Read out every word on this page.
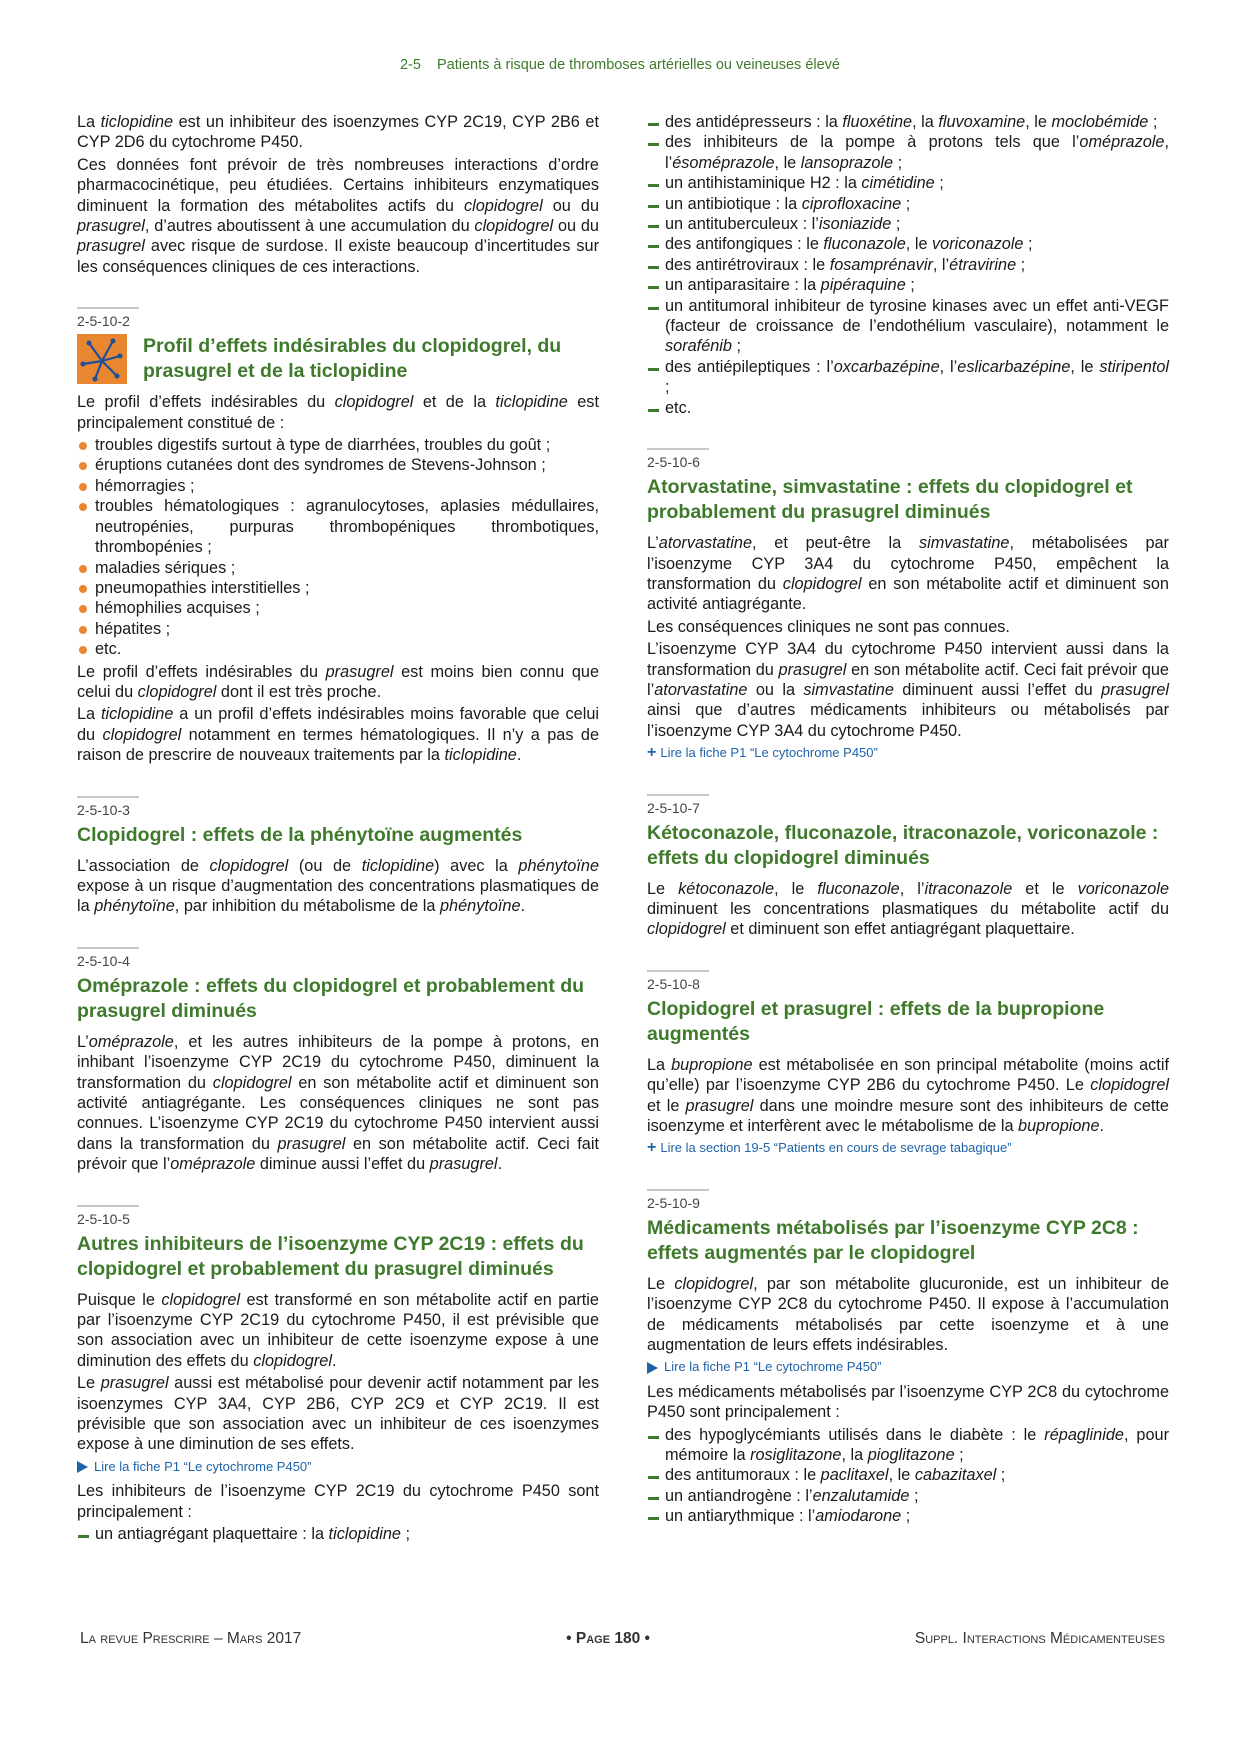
2-5 Patients à risque de thromboses artérielles ou veineuses élevé

La ticlopidine est un inhibiteur des isoenzymes CYP 2C19, CYP 2B6 et CYP 2D6 du cytochrome P450.

Ces données font prévoir de très nombreuses interactions d’ordre pharmacocinétique, peu étudiées. Certains inhibiteurs enzymatiques diminuent la formation des métabolites actifs du clopidogrel ou du prasugrel, d’autres aboutissent à une accumulation du clopidogrel ou du prasugrel avec risque de surdose. Il existe beaucoup d’incertitudes sur les conséquences cliniques de ces interactions.

2-5-10-2
Profil d’effets indésirables du clopidogrel, du prasugrel et de la ticlopidine

Le profil d’effets indésirables du clopidogrel et de la ticlopidine est principalement constitué de :

troubles digestifs surtout à type de diarrhées, troubles du goût ;
éruptions cutanées dont des syndromes de Stevens-Johnson ;
hémorragies ;
troubles hématologiques : agranulocytoses, aplasies médullaires, neutropénies, purpuras thrombopéniques thrombotiques, thrombopénies ;
maladies sériques ;
pneumopathies interstitielles ;
hémophilies acquises ;
hépatites ;
etc.

Le profil d’effets indésirables du prasugrel est moins bien connu que celui du clopidogrel dont il est très proche.

La ticlopidine a un profil d’effets indésirables moins favorable que celui du clopidogrel notamment en termes hématologiques. Il n’y a pas de raison de prescrire de nouveaux traitements par la ticlopidine.

2-5-10-3
Clopidogrel : effets de la phénytoïne augmentés

L’association de clopidogrel (ou de ticlopidine) avec la phénytoïne expose à un risque d’augmentation des concentrations plasmatiques de la phénytoïne, par inhibition du métabolisme de la phénytoïne.

2-5-10-4
Oméprazole : effets du clopidogrel et probablement du prasugrel diminués

L’oméprazole, et les autres inhibiteurs de la pompe à protons, en inhibant l’isoenzyme CYP 2C19 du cytochrome P450, diminuent la transformation du clopidogrel en son métabolite actif et diminuent son activité antiagrégante. Les conséquences cliniques ne sont pas connues. L’isoenzyme CYP 2C19 du cytochrome P450 intervient aussi dans la transformation du prasugrel en son métabolite actif. Ceci fait prévoir que l’oméprazole diminue aussi l’effet du prasugrel.

2-5-10-5
Autres inhibiteurs de l’isoenzyme CYP 2C19 : effets du clopidogrel et probablement du prasugrel diminués

Puisque le clopidogrel est transformé en son métabolite actif en partie par l’isoenzyme CYP 2C19 du cytochrome P450, il est prévisible que son association avec un inhibiteur de cette isoenzyme expose à une diminution des effets du clopidogrel.

Le prasugrel aussi est métabolisé pour devenir actif notamment par les isoenzymes CYP 3A4, CYP 2B6, CYP 2C9 et CYP 2C19. Il est prévisible que son association avec un inhibiteur de ces isoenzymes expose à une diminution de ses effets.

Lire la fiche P1 “Le cytochrome P450”

Les inhibiteurs de l’isoenzyme CYP 2C19 du cytochrome P450 sont principalement :

un antiagrégant plaquettaire : la ticlopidine ;
des antidépresseurs : la fluoxétine, la fluvoxamine, le moclobémide ;
des inhibiteurs de la pompe à protons tels que l’oméprazole, l’ésoméprazole, le lansoprazole ;
un antihistaminique H2 : la cimétidine ;
un antibiotique : la ciprofloxacine ;
un antituberculeux : l’isoniazide ;
des antifongiques : le fluconazole, le voriconazole ;
des antirétroviraux : le fosamprénavir, l’étravirine ;
un antiparasitaire : la pipéraquine ;
un antitumoral inhibiteur de tyrosine kinases avec un effet anti-VEGF (facteur de croissance de l’endothélium vasculaire), notamment le sorafénib ;
des antiépileptiques : l’oxcarbazépine, l’eslicarbazépine, le stiripentol ;
etc.
2-5-10-6
Atorvastatine, simvastatine : effets du clopidogrel et probablement du prasugrel diminués

L’atorvastatine, et peut-être la simvastatine, métabolisées par l’isoenzyme CYP 3A4 du cytochrome P450, empêchent la transformation du clopidogrel en son métabolite actif et diminuent son activité antiagrégante.

Les conséquences cliniques ne sont pas connues.

L’isoenzyme CYP 3A4 du cytochrome P450 intervient aussi dans la transformation du prasugrel en son métabolite actif. Ceci fait prévoir que l’atorvastatine ou la simvastatine diminuent aussi l’effet du prasugrel ainsi que d’autres médicaments inhibiteurs ou métabolisés par l’isoenzyme CYP 3A4 du cytochrome P450.

+ Lire la fiche P1 “Le cytochrome P450”
2-5-10-7
Kétoconazole, fluconazole, itraconazole, voriconazole : effets du clopidogrel diminués

Le kétoconazole, le fluconazole, l’itraconazole et le voriconazole diminuent les concentrations plasmatiques du métabolite actif du clopidogrel et diminuent son effet antiagrégant plaquettaire.

2-5-10-8
Clopidogrel et prasugrel : effets de la bupropione augmentés

La bupropione est métabolisée en son principal métabolite (moins actif qu’elle) par l’isoenzyme CYP 2B6 du cytochrome P450. Le clopidogrel et le prasugrel dans une moindre mesure sont des inhibiteurs de cette isoenzyme et interfèrent avec le métabolisme de la bupropione.

+ Lire la section 19-5 “Patients en cours de sevrage tabagique”
2-5-10-9
Médicaments métabolisés par l’isoenzyme CYP 2C8 : effets augmentés par le clopidogrel

Le clopidogrel, par son métabolite glucuronide, est un inhibiteur de l’isoenzyme CYP 2C8 du cytochrome P450. Il expose à l’accumulation de médicaments métabolisés par cette isoenzyme et à une augmentation de leurs effets indésirables.

Lire la fiche P1 “Le cytochrome P450”

Les médicaments métabolisés par l’isoenzyme CYP 2C8 du cytochrome P450 sont principalement :

des hypoglycémiants utilisés dans le diabète : le répaglinide, pour mémoire la rosiglitazone, la pioglitazone ;
des antitumoraux : le paclitaxel, le cabazitaxel ;
un antiandrogène : l’enzalutamide ;
un antiarythmique : l’amiodarone ;
La revue Prescrire – Mars 2017	• Page 180 •	Suppl. Interactions Médicamenteuses
